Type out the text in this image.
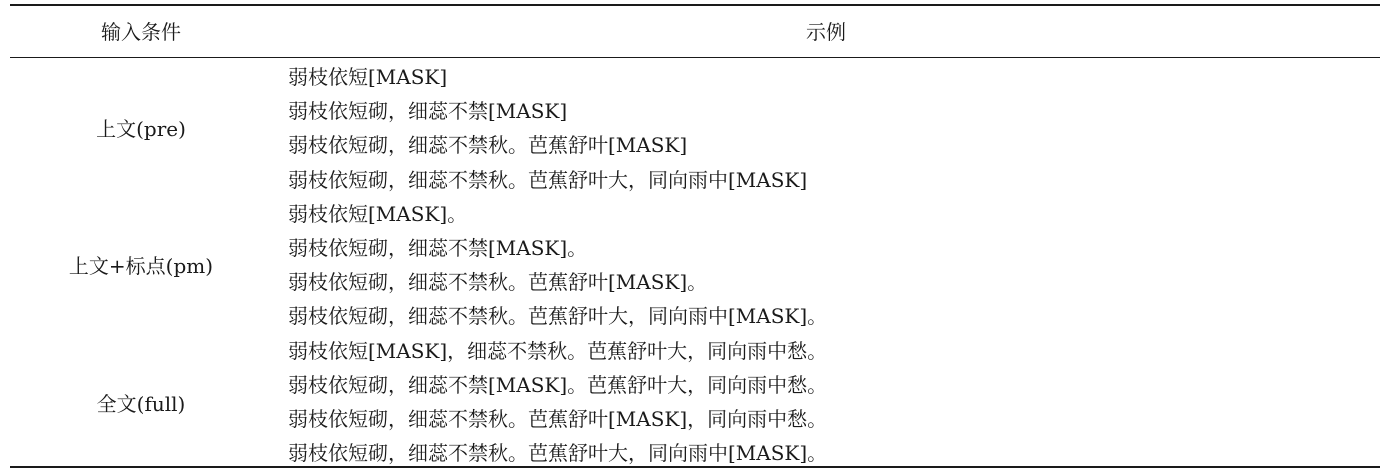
输入条件	示例
上文(pre)
上文+标点(pm)
全文(full)
弱枝依短[MASK]
弱枝依短砌，细蕊不禁[MASK]
弱枝依短砌，细蕊不禁秋。芭蕉舒叶[MASK]
弱枝依短砌，细蕊不禁秋。芭蕉舒叶大，同向雨中[MASK]
弱枝依短[MASK]。
弱枝依短砌，细蕊不禁[MASK]。
弱枝依短砌，细蕊不禁秋。芭蕉舒叶[MASK]。
弱枝依短砌，细蕊不禁秋。芭蕉舒叶大，同向雨中[MASK]。
弱枝依短[MASK]，细蕊不禁秋。芭蕉舒叶大，同向雨中愁。
弱枝依短砌，细蕊不禁[MASK]。芭蕉舒叶大，同向雨中愁。
弱枝依短砌，细蕊不禁秋。芭蕉舒叶[MASK]，同向雨中愁。
弱枝依短砌，细蕊不禁秋。芭蕉舒叶大，同向雨中[MASK]。
